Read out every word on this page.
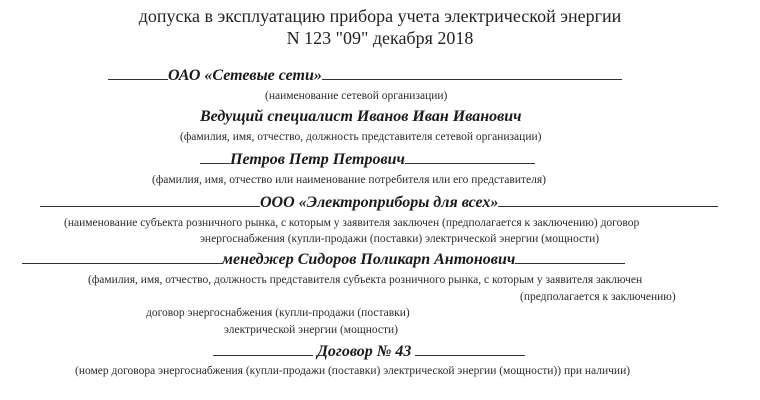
допуска в эксплуатацию прибора учета электрической энергии
N 123 "09" декабря 2018
ОАО «Сетевые сети»
(наименование сетевой организации)
Ведущий специалист Иванов Иван Иванович
(фамилия, имя, отчество, должность представителя сетевой организации)
Петров Петр Петрович
(фамилия, имя, отчество или наименование потребителя или его представителя)
ООО «Электроприборы для всех»
(наименование субъекта розничного рынка, с которым у заявителя заключен (предполагается к заключению) договор
энергоснабжения (купли-продажи (поставки) электрической энергии (мощности)
менеджер Сидоров Поликарп Антонович
(фамилия, имя, отчество, должность представителя субъекта розничного рынка, с которым у заявителя заключен
(предполагается к заключению)
договор энергоснабжения (купли-продажи (поставки)
электрической энергии (мощности)
Договор № 43
(номер договора энергоснабжения (купли-продажи (поставки) электрической энергии (мощности)) при наличии)
